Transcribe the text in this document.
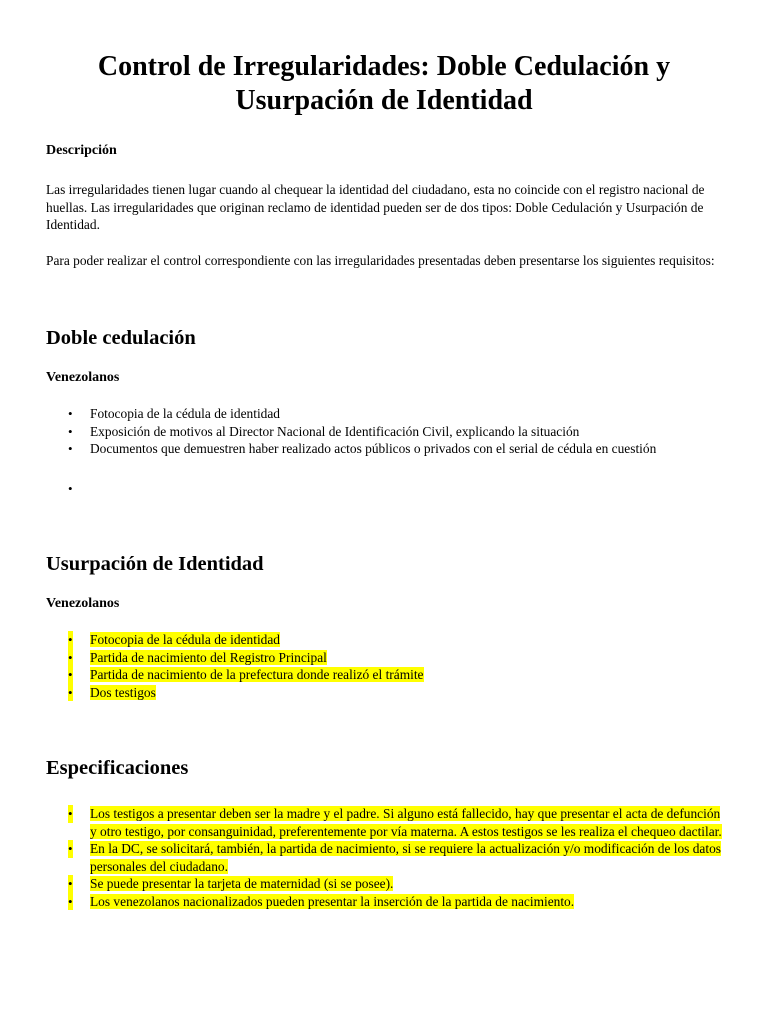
Control de Irregularidades: Doble Cedulación y Usurpación de Identidad
Descripción

Las irregularidades tienen lugar cuando al chequear la identidad del ciudadano, esta no coincide con el registro nacional de huellas. Las irregularidades que originan reclamo de identidad pueden ser de dos tipos: Doble Cedulación y Usurpación de Identidad.

Para poder realizar el control correspondiente con las irregularidades presentadas deben presentarse los siguientes requisitos:

Doble cedulación
Venezolanos
• Fotocopia de la cédula de identidad
• Exposición de motivos al Director Nacional de Identificación Civil, explicando la situación
• Documentos que demuestren haber realizado actos públicos o privados con el serial de cédula en cuestión
•

Usurpación de Identidad
Venezolanos
• Fotocopia de la cédula de identidad
• Partida de nacimiento del Registro Principal
• Partida de nacimiento de la prefectura donde realizó el trámite
• Dos testigos
Especificaciones
• Los testigos a presentar deben ser la madre y el padre. Si alguno está fallecido, hay que presentar el acta de defunción y otro testigo, por consanguinidad, preferentemente por vía materna. A estos testigos se les realiza el chequeo dactilar.
• En la DC, se solicitará, también, la partida de nacimiento, si se requiere la actualización y/o modificación de los datos personales del ciudadano.
• Se puede presentar la tarjeta de maternidad (si se posee).
• Los venezolanos nacionalizados pueden presentar la inserción de la partida de nacimiento.
